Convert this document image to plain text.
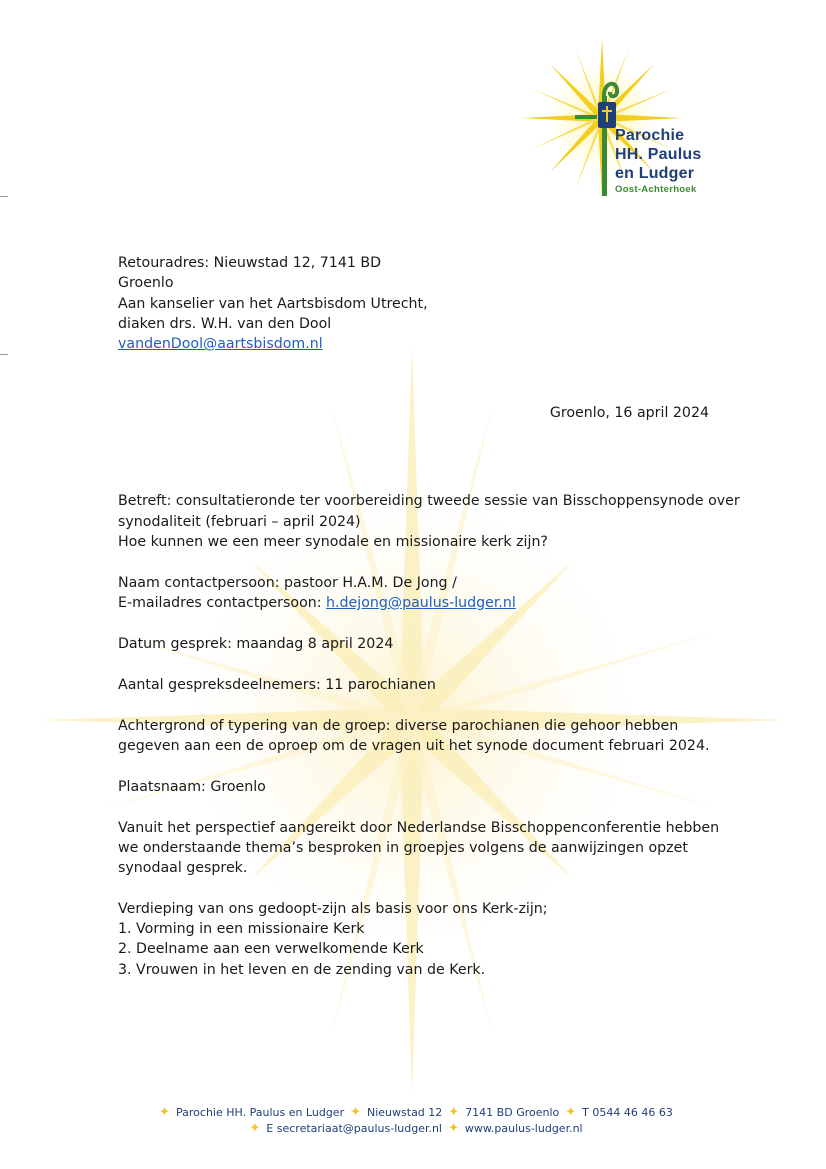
Parochie
HH. Paulus
en Ludger
Oost-Achterhoek
Retouradres: Nieuwstad 12, 7141 BD
Groenlo
Aan kanselier van het Aartsbisdom Utrecht,
diaken drs. W.H. van den Dool
vandenDool@aartsbisdom.nl
Groenlo, 16 april 2024
Betreft: consultatieronde ter voorbereiding tweede sessie van Bisschoppensynode over
synodaliteit (februari – april 2024)
Hoe kunnen we een meer synodale en missionaire kerk zijn?
Naam contactpersoon: pastoor H.A.M. De Jong /
E-mailadres contactpersoon: h.dejong@paulus-ludger.nl
Datum gesprek: maandag 8 april 2024
Aantal gespreksdeelnemers: 11 parochianen
Achtergrond of typering van de groep: diverse parochianen die gehoor hebben
gegeven aan een de oproep om de vragen uit het synode document februari 2024.
Plaatsnaam: Groenlo
Vanuit het perspectief aangereikt door Nederlandse Bisschoppenconferentie hebben
we onderstaande thema’s besproken in groepjes volgens de aanwijzingen opzet
synodaal gesprek.
Verdieping van ons gedoopt-zijn als basis voor ons Kerk-zijn;
1. Vorming in een missionaire Kerk
2. Deelname aan een verwelkomende Kerk
3. Vrouwen in het leven en de zending van de Kerk.
✦ Parochie HH. Paulus en Ludger ✦ Nieuwstad 12 ✦ 7141 BD Groenlo ✦ T 0544 46 46 63
✦ E secretariaat@paulus-ludger.nl ✦ www.paulus-ludger.nl
